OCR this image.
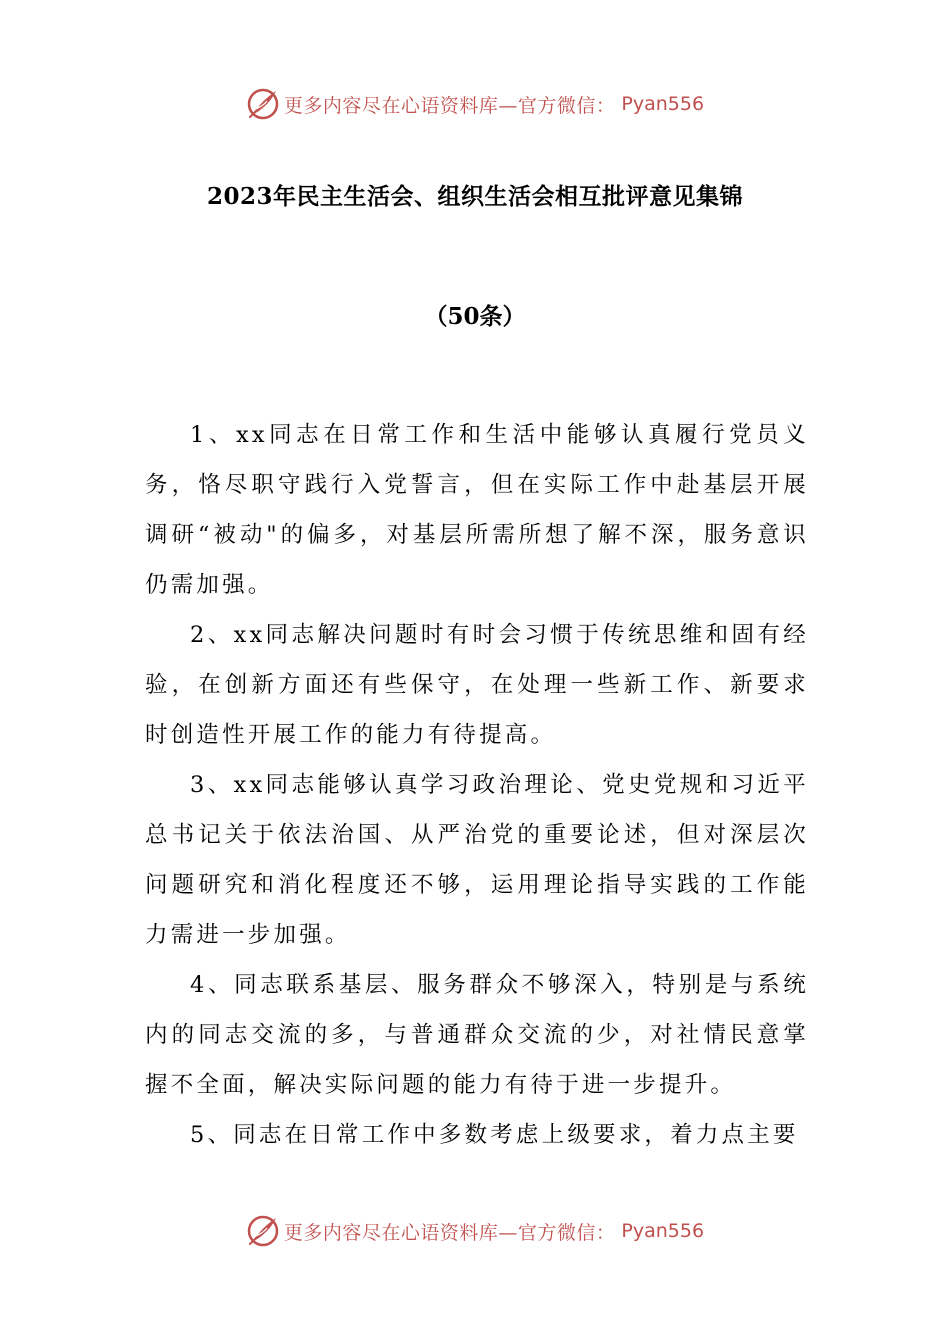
更多内容尽在心语资料库—官方微信： Pyan556
2023年民主生活会、组织生活会相互批评意见集锦
（50条）

1、xx同志在日常工作和生活中能够认真履行党员义务，恪尽职守践行入党誓言，但在实际工作中赴基层开展调研“被动"的偏多，对基层所需所想了解不深，服务意识仍需加强。

2、xx同志解决问题时有时会习惯于传统思维和固有经验，在创新方面还有些保守，在处理一些新工作、新要求时创造性开展工作的能力有待提高。

3、xx同志能够认真学习政治理论、党史党规和习近平总书记关于依法治国、从严治党的重要论述，但对深层次问题研究和消化程度还不够，运用理论指导实践的工作能力需进一步加强。

4、同志联系基层、服务群众不够深入，特别是与系统内的同志交流的多，与普通群众交流的少，对社情民意掌握不全面，解决实际问题的能力有待于进一步提升。

5、同志在日常工作中多数考虑上级要求，着力点主要

更多内容尽在心语资料库—官方微信： Pyan556
